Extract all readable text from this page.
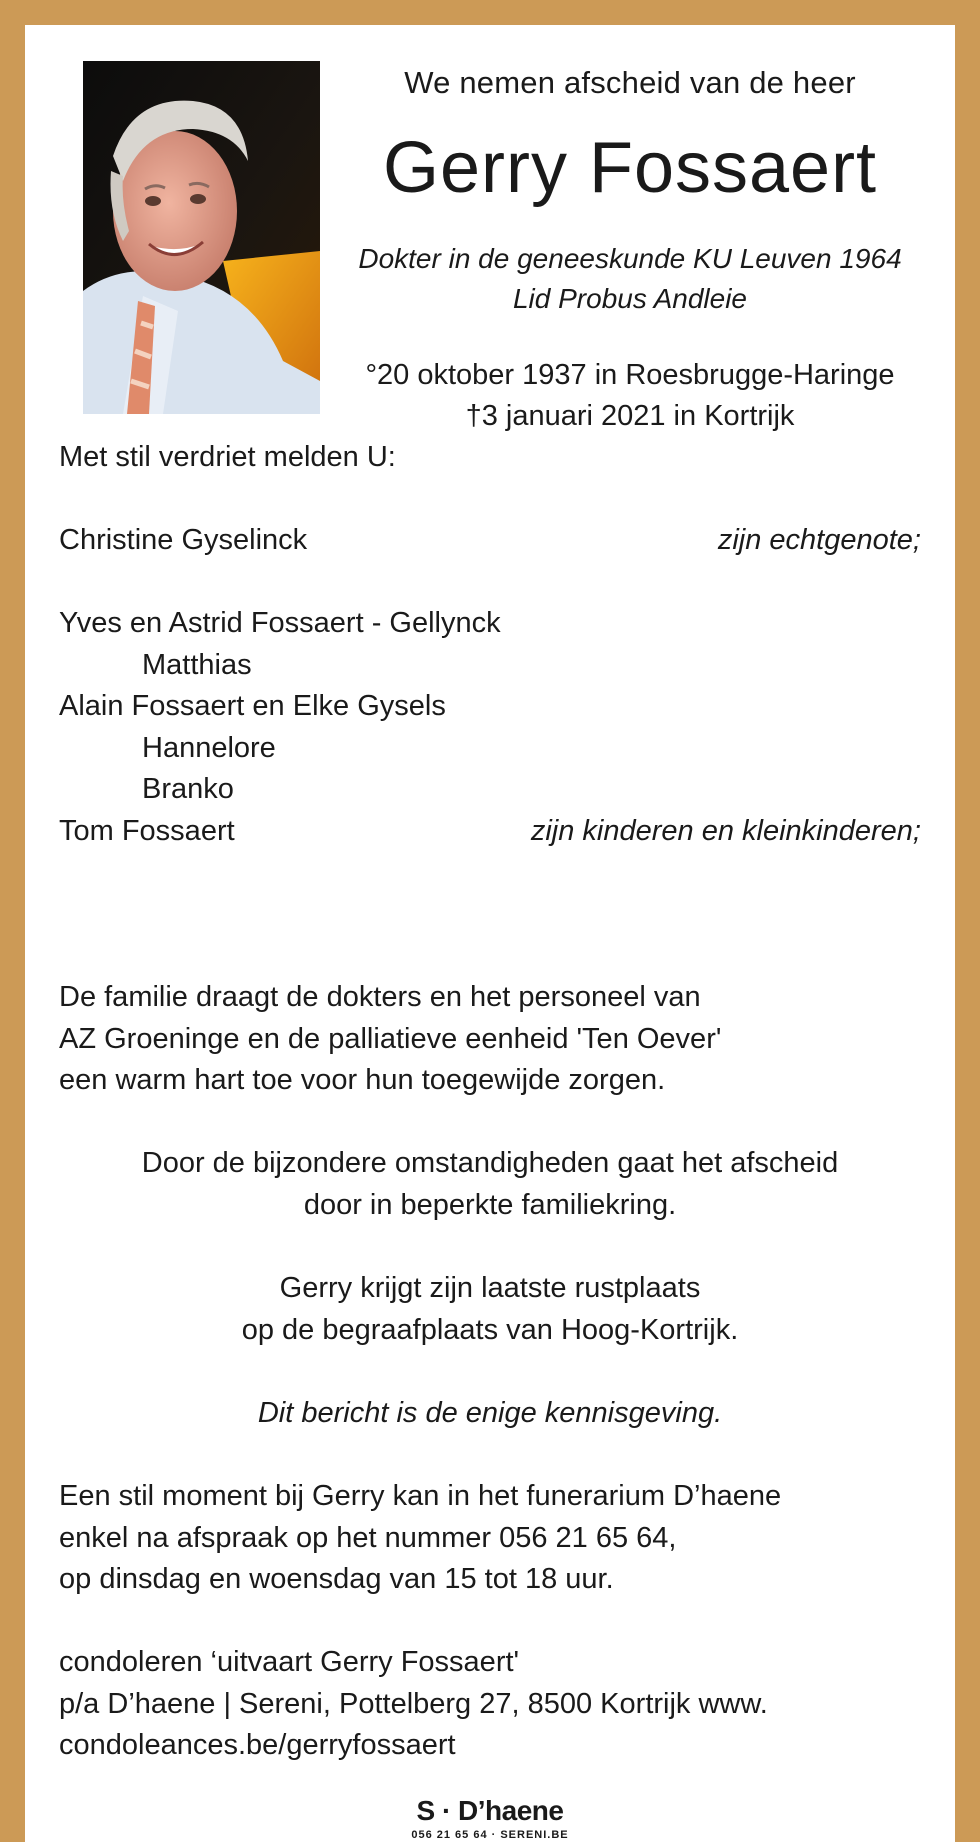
We nemen afscheid van de heer
Gerry Fossaert
Dokter in de geneeskunde KU Leuven 1964
Lid Probus Andleie
°20 oktober 1937 in Roesbrugge-Haringe
†3 januari 2021 in Kortrijk
Met stil verdriet melden U:
Christine Gyselinck	zijn echtgenote;
Yves en Astrid Fossaert - Gellynck
Matthias
Alain Fossaert en Elke Gysels
Hannelore
Branko
Tom Fossaert	zijn kinderen en kleinkinderen;
De familie draagt de dokters en het personeel van
AZ Groeninge en de palliatieve eenheid 'Ten Oever'
een warm hart toe voor hun toegewijde zorgen.
Door de bijzondere omstandigheden gaat het afscheid
door in beperkte familiekring.
Gerry krijgt zijn laatste rustplaats
op de begraafplaats van Hoog-Kortrijk.
Dit bericht is de enige kennisgeving.
Een stil moment bij Gerry kan in het funerarium D’haene
enkel na afspraak op het nummer 056 21 65 64,
op dinsdag en woensdag van 15 tot 18 uur.
condoleren ‘uitvaart Gerry Fossaert'
p/a D’haene | Sereni, Pottelberg 27, 8500 Kortrijk www.
condoleances.be/gerryfossaert
S · D’haene
056 21 65 64 · SERENI.BE
